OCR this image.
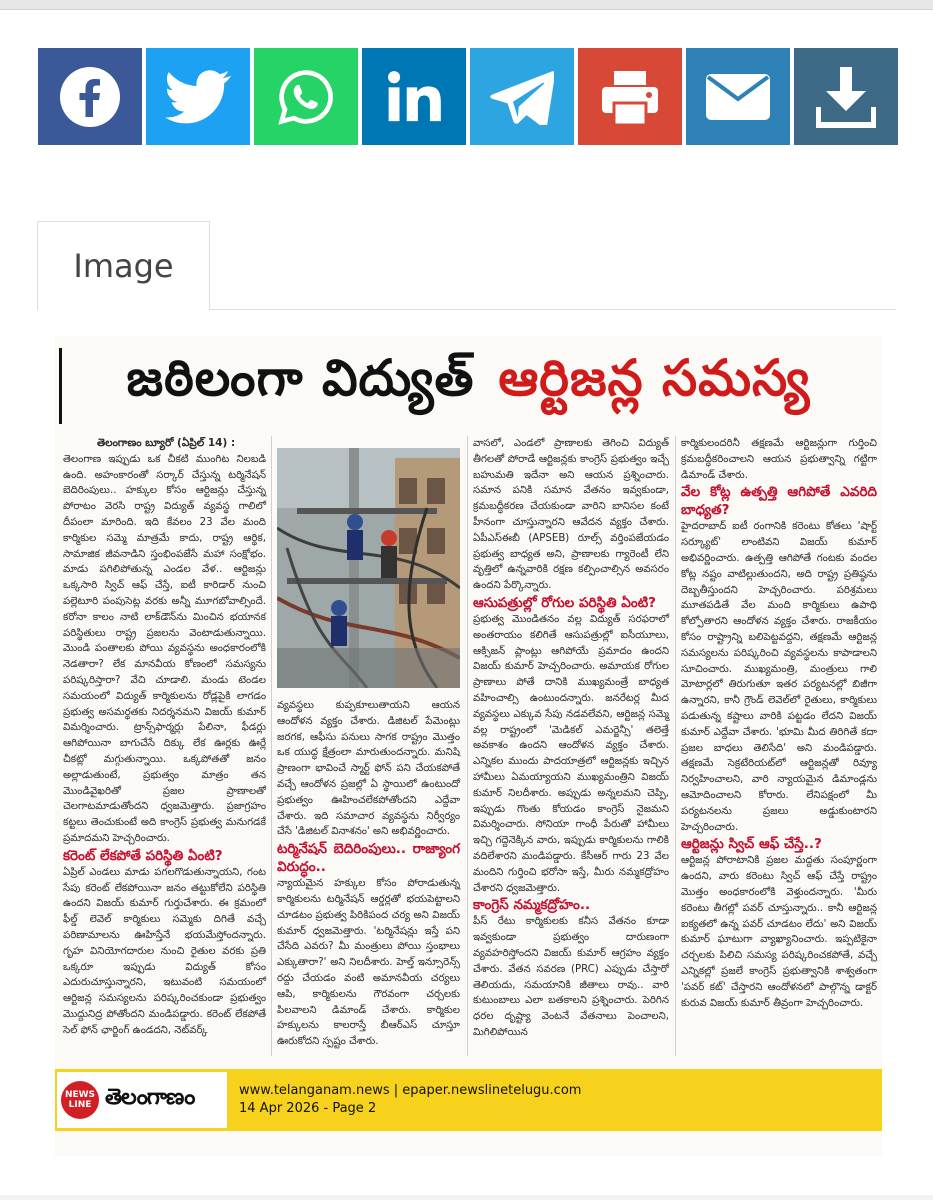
Image
జఠిలంగా విద్యుత్ ఆర్టిజన్ల సమస్య

తెలంగాణం బ్యూరో (ఏప్రిల్ 14) :

తెలంగాణ ఇప్పుడు ఒక చీకటి ముంగిట నిలబడి ఉంది. అహంకారంతో సర్కార్ చేస్తున్న టర్మినేషన్ బెదిరింపులు.. హక్కుల కోసం ఆర్టిజన్లు చేస్తున్న పోరాటం వెరసి రాష్ట్ర విద్యుత్ వ్యవస్థ గాలిలో దీపంలా మారింది. ఇది కేవలం 23 వేల మంది కార్మికుల సమ్మె మాత్రమే కాదు, రాష్ట్ర ఆర్థిక, సామాజిక జీవనాడిని స్తంభింపజేసే మహా సంక్షోభం. మాడు పగిలిపోతున్న ఎండల వేళ.. ఆర్టిజన్లు ఒక్కసారి స్విచ్ ఆఫ్ చేస్తే, ఐటీ కారిడార్ నుంచి పల్లెటూరి పంపుసెట్ల వరకు అన్నీ మూగబోవాల్సిందే. కరోనా కాలం నాటి లాక్‌డౌన్‌ను మించిన భయానక పరిస్థితులు రాష్ట్ర ప్రజలను వెంటాడుతున్నాయి. మొండి పంతాలకు పోయి వ్యవస్థను అంధకారంలోకి నెడతారా? లేక మానవీయ కోణంలో సమస్యను పరిష్కరిస్తారా? వేచి చూడాలి. మండు టెండల సమయంలో విద్యుత్ కార్మికులను రోడ్లపైకి లాగడం ప్రభుత్వ అసమర్థతకు నిదర్శనమని విజయ్ కుమార్ విమర్శించారు. ట్రాన్స్‌ఫార్మర్లు పేలినా, ఫీడర్లు ఆగిపోయినా బాగుచేసే దిక్కు లేక ఊర్లకు ఊర్లే చీకట్లో మగ్గుతున్నాయి. ఒక్కపోతతో జనం అల్లాడుతుంటే, ప్రభుత్వం మాత్రం తన మొండివైఖరితో ప్రజల ప్రాణాలతో చెలగాటమాడుతోందని ధ్వజమెత్తారు. ప్రజాగ్రహం కట్టలు తెంచుకుంటే అది కాంగ్రెస్ ప్రభుత్వ మనుగడకే ప్రమాదమని హెచ్చరించారు.

కరెంట్ లేకపోతే పరిస్థితి ఏంటి?

ఏప్రిల్ ఎండలు మాడు పగలగొడుతున్నాయని, గంట సేపు కరెంట్ లేకపోయినా జనం తట్టుకోలేని పరిస్థితి ఉందని విజయ్ కుమార్ గుర్తుచేశారు. ఈ క్రమంలో ఫీల్డ్ లెవెల్ కార్మికులు సమ్మెకు దిగితే వచ్చే పరిణామాలను ఊహిస్తేనే భయమేస్తోందన్నారు. గృహ వినియోగదారుల నుంచి రైతుల వరకు ప్రతి ఒక్కరూ ఇప్పుడు విద్యుత్ కోసం ఎదురుచూస్తున్నారని, ఇటువంటి సమయంలో ఆర్టిజన్ల సమస్యలను పరిష్కరించకుండా ప్రభుత్వం మొద్దునిద్ర పోతోందని మండిపడ్డారు. కరెంట్ లేకపోతే సెల్ ఫోన్ ఛార్జింగ్ ఉండదని, నెట్‌వర్క్

వ్యవస్థలు కుప్పకూలుతాయని ఆయన ఆందోళన వ్యక్తం చేశారు. డిజిటల్ పేమెంట్లు జరగక, ఆఫీసు పనులు సాగక రాష్ట్రం మొత్తం ఒక యుద్ధ క్షేత్రంలా మారుతుందన్నారు. మనిషి ప్రాణంగా భావించే స్మార్ట్ ఫోన్ పని చేయకపోతే వచ్చే ఆందోళన ప్రజల్లో ఏ స్థాయిలో ఉంటుందో ప్రభుత్వం ఊహించలేకపోతోందని ఎద్దేవా చేశారు. ఇది సమాచార వ్యవస్థను నిర్వీర్యం చేసే 'డిజిటల్ వినాశనం' అని అభివర్ణించారు.

టర్మినేషన్ బెదిరింపులు.. రాజ్యాంగ విరుద్ధం..

న్యాయమైన హక్కుల కోసం పోరాడుతున్న కార్మికులను టర్మినేషన్ ఆర్డర్లతో భయపెట్టాలని చూడటం ప్రభుత్వ పిరికిపంద చర్య అని విజయ్ కుమార్ ధ్వజమెత్తారు. 'టర్మినేషన్లు ఇస్తే పని చేసేది ఎవరు? మీ మంత్రులు పోయి స్తంభాలు ఎక్కుతారా?' అని నిలదీశారు. హెల్త్ ఇన్సూరెన్స్ రద్దు చేయడం వంటి అమానవీయ చర్యలు ఆపి, కార్మికులను గౌరవంగా చర్చలకు పిలవాలని డిమాండ్ చేశారు. కార్మికుల హక్కులను కాలరాస్తే బీఆర్ఎస్ చూస్తూ ఊరుకోదని స్పష్టం చేశారు.

వాసలో, ఎండలో ప్రాణాలకు తెగించి విద్యుత్ తీగలతో పోరాడే ఆర్టిజన్లకు కాంగ్రెస్ ప్రభుత్వం ఇచ్చే బహుమతి ఇదేనా అని ఆయన ప్రశ్నించారు. సమాన పనికి సమాన వేతనం ఇవ్వకుండా, క్రమబద్ధీకరణ చేయకుండా వారిని బానిసల కంటే హీనంగా చూస్తున్నారని ఆవేదన వ్యక్తం చేశారు. ఏపీఎస్ఈబీ (APSEB) రూల్స్ వర్తింపజేయడం ప్రభుత్వ బాధ్యత అని, ప్రాణాలకు గ్యారెంటీ లేని వృత్తిలో ఉన్నవారికి రక్షణ కల్పించాల్సిన అవసరం ఉందని పేర్కొన్నారు.

ఆసుపత్రుల్లో రోగుల పరిస్థితి ఏంటి?

ప్రభుత్వ మొండితనం వల్ల విద్యుత్ సరఫరాలో అంతరాయం కలిగితే ఆసుపత్రుల్లో ఐసీయూలు, ఆక్సిజన్ ప్లాంట్లు ఆగిపోయే ప్రమాదం ఉందని విజయ్ కుమార్ హెచ్చరించారు. అమాయక రోగుల ప్రాణాలు పోతే దానికి ముఖ్యమంత్రే బాధ్యత వహించాల్సి ఉంటుందన్నారు. జనరేటర్ల మీద వ్యవస్థలు ఎక్కువ సేపు నడవలేవని, ఆర్టిజన్ల సమ్మె వల్ల రాష్ట్రంలో 'మెడికల్ ఎమర్జెన్సీ' తలెత్తే అవకాశం ఉందని ఆందోళన వ్యక్తం చేశారు. ఎన్నికల ముందు పాదయాత్రలో ఆర్టిజన్లకు ఇచ్చిన హామీలు ఏమయ్యాయని ముఖ్యమంత్రిని విజయ్ కుమార్ నిలదీశారు. అప్పుడు అన్నలమని చెప్పి, ఇప్పుడు గొంతు కోయడం కాంగ్రెస్ నైజమని విమర్శించారు. సోనియా గాంధీ పేరుతో హామీలు ఇచ్చి గద్దెనెక్కిన వారు, ఇప్పుడు కార్మికులను గాలికి వదిలేశారని మండిపడ్డారు. కేసీఆర్ గారు 23 వేల మందిని గుర్తించి భరోసా ఇస్తే, మీరు నమ్మకద్రోహం చేశారని ధ్వజమెత్తారు.

కాంగ్రెస్ నమ్మకద్రోహం..

పీస్ రేటు కార్మికులకు కనీస వేతనం కూడా ఇవ్వకుండా ప్రభుత్వం దారుణంగా వ్యవహరిస్తోందని విజయ్ కుమార్ ఆగ్రహం వ్యక్తం చేశారు. వేతన సవరణ (PRC) ఎప్పుడు చేస్తారో తెలియదు, సమయానికి జీతాలు రావు.. వారి కుటుంబాలు ఎలా బతకాలని ప్రశ్నించారు. పెరిగిన ధరల దృష్ట్యా వెంటనే వేతనాలు పెంచాలని, మిగిలిపోయిన

కార్మికులందరినీ తక్షణమే ఆర్టిజన్లుగా గుర్తించి క్రమబద్ధీకరించాలని ఆయన ప్రభుత్వాన్ని గట్టిగా డిమాండ్ చేశారు.

వేల కోట్ల ఉత్పత్తి ఆగిపోతే ఎవరిది బాధ్యత?

హైదరాబాద్ ఐటీ రంగానికి కరెంటు కోతలు 'షార్ట్ సర్క్యూట్' లాంటివని విజయ్ కుమార్ అభివర్ణించారు. ఉత్పత్తి ఆగిపోతే గంటకు వందల కోట్ల నష్టం వాటిల్లుతుందని, అది రాష్ట్ర ప్రతిష్ఠను దెబ్బతీస్తుందని హెచ్చరించారు. పరిశ్రమలు మూతపడితే వేల మంది కార్మికులు ఉపాధి కోల్పోతారని ఆందోళన వ్యక్తం చేశారు. రాజకీయం కోసం రాష్ట్రాన్ని బలిపెట్టవద్దని, తక్షణమే ఆర్టిజన్ల సమస్యలను పరిష్కరించి వ్యవస్థలను కాపాడాలని సూచించారు. ముఖ్యమంత్రి, మంత్రులు గాలి మోటార్లలో తిరుగుతూ ఇతర పర్యటనల్లో బిజీగా ఉన్నారని, కానీ గ్రౌండ్ లెవెల్‌లో రైతులు, కార్మికులు పడుతున్న కష్టాలు వారికి పట్టడం లేదని విజయ్ కుమార్ ఎద్దేవా చేశారు. 'భూమి మీద తిరిగితే కదా ప్రజల బాధలు తెలిసేది' అని మండిపడ్డారు. తక్షణమే సెక్రటేరియట్‌లో ఆర్టిజన్లతో రివ్యూ నిర్వహించాలని, వారి న్యాయమైన డిమాండ్లను ఆమోదించాలని కోరారు. లేనిపక్షంలో మీ పర్యటనలను ప్రజలు అడ్డుకుంటారని హెచ్చరించారు.

ఆర్టిజన్లు స్విచ్ ఆఫ్ చేస్తే..?

ఆర్టిజన్ల పోరాటానికి ప్రజల మద్దతు సంపూర్ణంగా ఉందని, వారు కరెంటు స్విచ్ ఆఫ్ చేస్తే రాష్ట్రం మొత్తం అంధకారంలోకి వెళ్తుందన్నారు. 'మీరు కరెంటు తీగల్లో పవర్ చూస్తున్నారు.. కానీ ఆర్టిజన్ల ఐక్యతలో ఉన్న పవర్ చూడటం లేదు' అని విజయ్ కుమార్ ఘాటుగా వ్యాఖ్యానించారు. ఇప్పటికైనా చర్చలకు పిలిచి సమస్య పరిష్కరించకపోతే, వచ్చే ఎన్నికల్లో ప్రజలే కాంగ్రెస్ ప్రభుత్వానికి శాశ్వతంగా 'పవర్ కట్' చేస్తారని ఆందోళనలో పాల్గొన్న డాక్టర్ కురువ విజయ్ కుమార్ తీవ్రంగా హెచ్చరించారు.

NEWS LINE తెలంగాణం	www.telanganam.news | epaper.newslinetelugu.com
14 Apr 2026 - Page 2
